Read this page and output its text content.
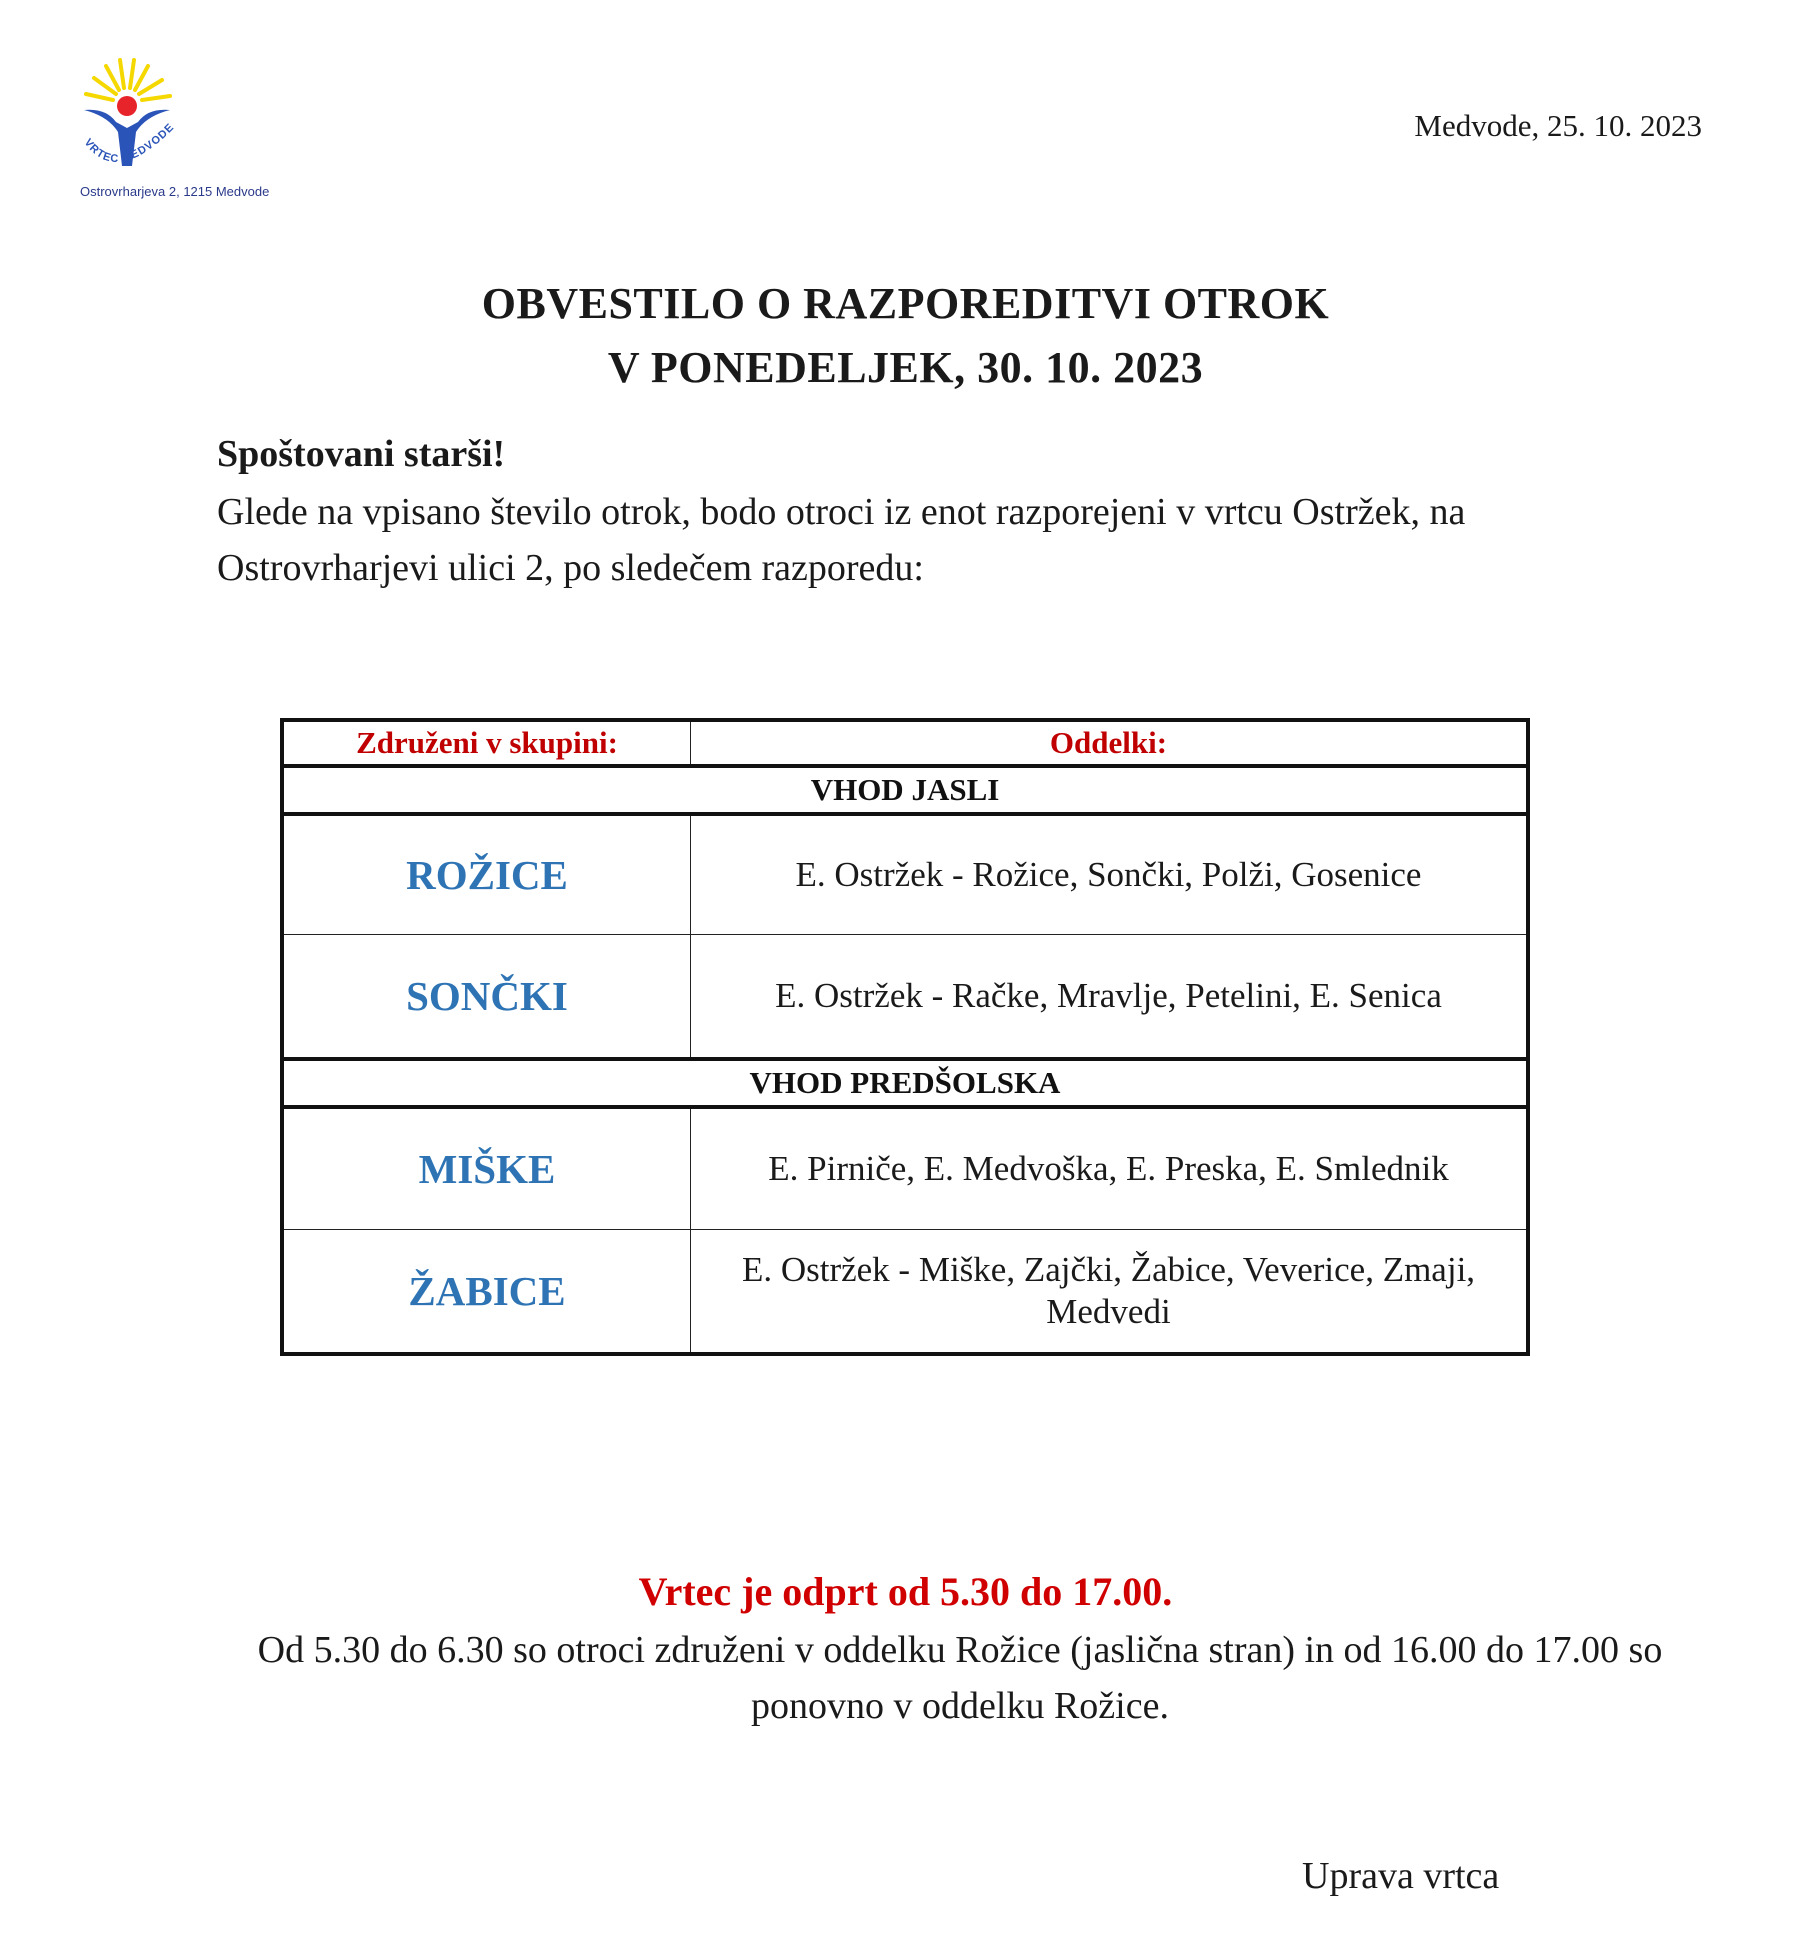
VRTEC MEDVODE
Ostrovrharjeva 2, 1215 Medvode
Medvode, 25. 10. 2023
OBVESTILO O RAZPOREDITVI OTROK
V PONEDELJEK, 30. 10. 2023
Spoštovani starši!
Glede na vpisano število otrok, bodo otroci iz enot razporejeni v vrtcu Ostržek, na Ostrovrharjevi ulici 2, po sledečem razporedu:
Združeni v skupini:	Oddelki:
VHOD JASLI	
ROŽICE	E. Ostržek - Rožice, Sončki, Polži, Gosenice
SONČKI	E. Ostržek - Račke, Mravlje, Petelini, E. Senica
VHOD PREDŠOLSKA	
MIŠKE	E. Pirniče, E. Medvoška, E. Preska, E. Smlednik
ŽABICE	E. Ostržek - Miške, Zajčki, Žabice, Veverice, Zmaji, Medvedi
Vrtec je odprt od 5.30 do 17.00.
Od 5.30 do 6.30 so otroci združeni v oddelku Rožice (jaslična stran) in od 16.00 do 17.00 so ponovno v oddelku Rožice.
Uprava vrtca
